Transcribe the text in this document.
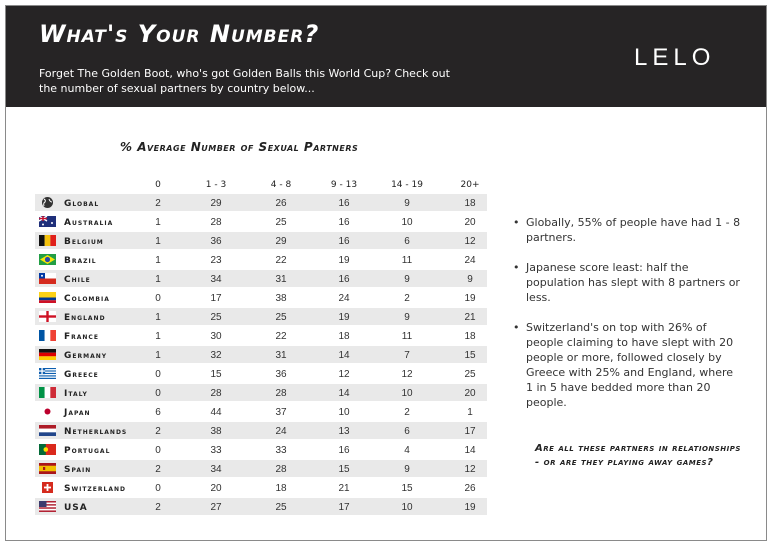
What's Your Number?
Forget The Golden Boot, who's got Golden Balls this World Cup? Check out the number of sexual partners by country below...
LELO
% Average Number of Sexual Partners
0	1 - 3	4 - 8	9 - 13	14 - 19	20+
Global	2	29	26	16	9	18
Australia	1	28	25	16	10	20
Belgium	1	36	29	16	6	12
Brazil	1	23	22	19	11	24
Chile	1	34	31	16	9	9
Colombia	0	17	38	24	2	19
England	1	25	25	19	9	21
France	1	30	22	18	11	18
Germany	1	32	31	14	7	15
Greece	0	15	36	12	12	25
Italy	0	28	28	14	10	20
Japan	6	44	37	10	2	1
Netherlands	2	38	24	13	6	17
Portugal	0	33	33	16	4	14
Spain	2	34	28	15	9	12
Switzerland	0	20	18	21	15	26
USA	2	27	25	17	10	19
• Globally, 55% of people have had 1 - 8 partners.
• Japanese score least: half the population has slept with 8 partners or less.
• Switzerland's on top with 26% of people claiming to have slept with 20 people or more, followed closely by Greece with 25% and England, where 1 in 5 have bedded more than 20 people.
Are all these partners in relationships - or are they playing away games?
